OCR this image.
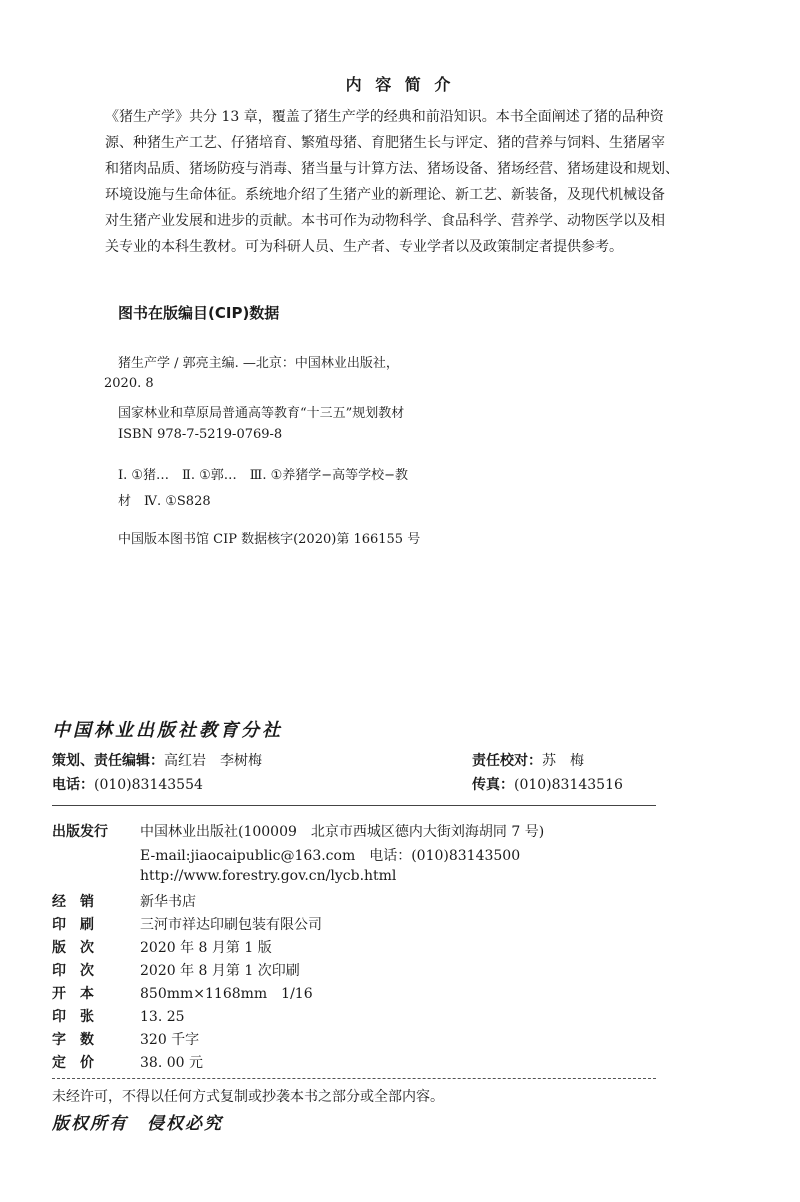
内 容 简 介
《猪生产学》共分 13 章，覆盖了猪生产学的经典和前沿知识。本书全面阐述了猪的品种资
源、种猪生产工艺、仔猪培育、繁殖母猪、育肥猪生长与评定、猪的营养与饲料、生猪屠宰
和猪肉品质、猪场防疫与消毒、猪当量与计算方法、猪场设备、猪场经营、猪场建设和规划、
环境设施与生命体征。系统地介绍了生猪产业的新理论、新工艺、新装备，及现代机械设备
对生猪产业发展和进步的贡献。本书可作为动物科学、食品科学、营养学、动物医学以及相
关专业的本科生教材。可为科研人员、生产者、专业学者以及政策制定者提供参考。
图书在版编目(CIP)数据
猪生产学 / 郭亮主编. —北京：中国林业出版社，
2020. 8
国家林业和草原局普通高等教育“十三五”规划教材
ISBN 978-7-5219-0769-8
Ⅰ. ①猪…　Ⅱ. ①郭…　Ⅲ. ①养猪学−高等学校−教
材　Ⅳ. ①S828
中国版本图书馆 CIP 数据核字(2020)第 166155 号
中国林业出版社教育分社
策划、责任编辑：高红岩　李树梅	责任校对：苏　梅
电话：(010)83143554	传真：(010)83143516
出版发行 中国林业出版社(100009　北京市西城区德内大街刘海胡同 7 号)
E-mail:jiaocaipublic@163.com　电话：(010)83143500
http://www.forestry.gov.cn/lycb.html
经　销	新华书店
印　刷	三河市祥达印刷包装有限公司
版　次	2020 年 8 月第 1 版
印　次	2020 年 8 月第 1 次印刷
开　本	850mm×1168mm　1/16
印　张	13. 25
字　数	320 千字
定　价	38. 00 元
未经许可，不得以任何方式复制或抄袭本书之部分或全部内容。
版权所有　侵权必究
